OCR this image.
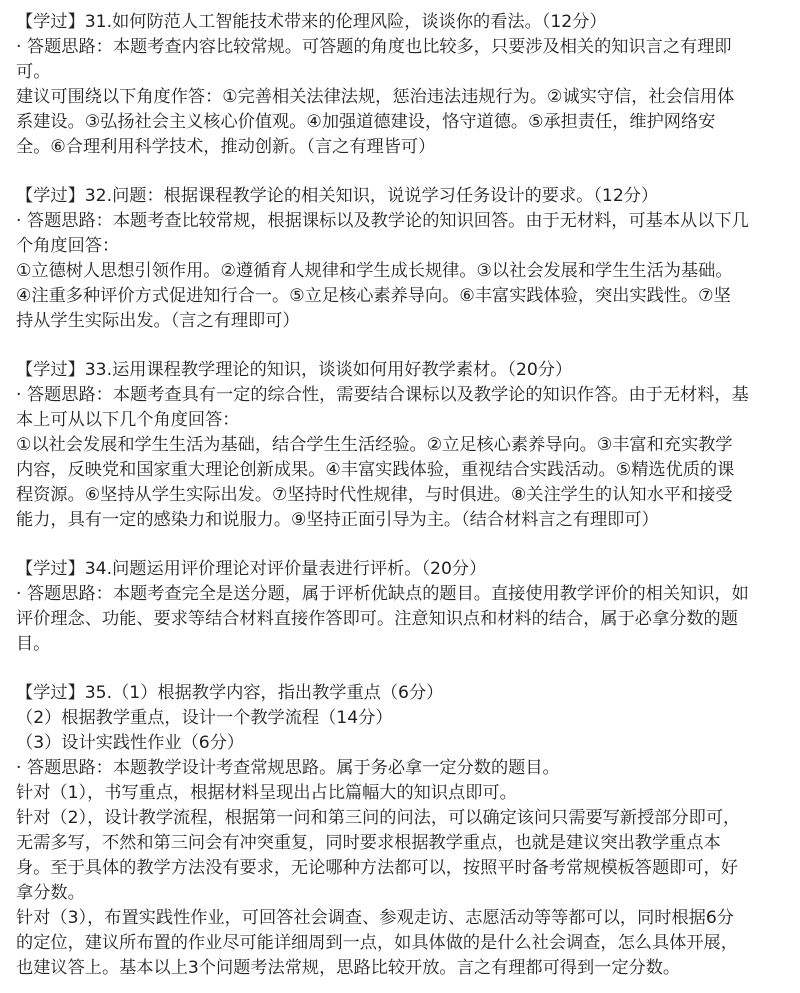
【学过】31.如何防范人工智能技术带来的伦理风险，谈谈你的看法。（12分）
· 答题思路：本题考查内容比较常规。可答题的角度也比较多，只要涉及相关的知识言之有理即
可。
建议可围绕以下角度作答：①完善相关法律法规，惩治违法违规行为。②诚实守信，社会信用体
系建设。③弘扬社会主义核心价值观。④加强道德建设，恪守道德。⑤承担责任，维护网络安
全。⑥合理利用科学技术，推动创新。（言之有理皆可）
【学过】32.问题：根据课程教学论的相关知识，说说学习任务设计的要求。（12分）
· 答题思路：本题考查比较常规，根据课标以及教学论的知识回答。由于无材料，可基本从以下几
个角度回答：
①立德树人思想引领作用。②遵循育人规律和学生成长规律。③以社会发展和学生生活为基础。
④注重多种评价方式促进知行合一。⑤立足核心素养导向。⑥丰富实践体验，突出实践性。⑦坚
持从学生实际出发。（言之有理即可）
【学过】33.运用课程教学理论的知识，谈谈如何用好教学素材。（20分）
· 答题思路：本题考查具有一定的综合性，需要结合课标以及教学论的知识作答。由于无材料，基
本上可从以下几个角度回答：
①以社会发展和学生生活为基础，结合学生生活经验。②立足核心素养导向。③丰富和充实教学
内容，反映党和国家重大理论创新成果。④丰富实践体验，重视结合实践活动。⑤精选优质的课
程资源。⑥坚持从学生实际出发。⑦坚持时代性规律，与时俱进。⑧关注学生的认知水平和接受
能力，具有一定的感染力和说服力。⑨坚持正面引导为主。（结合材料言之有理即可）
【学过】34.问题运用评价理论对评价量表进行评析。（20分）
· 答题思路：本题考查完全是送分题，属于评析优缺点的题目。直接使用教学评价的相关知识，如
评价理念、功能、要求等结合材料直接作答即可。注意知识点和材料的结合，属于必拿分数的题
目。
【学过】35.（1）根据教学内容，指出教学重点（6分）
（2）根据教学重点，设计一个教学流程（14分）
（3）设计实践性作业（6分）
· 答题思路：本题教学设计考查常规思路。属于务必拿一定分数的题目。
针对（1），书写重点，根据材料呈现出占比篇幅大的知识点即可。
针对（2），设计教学流程，根据第一问和第三问的问法，可以确定该问只需要写新授部分即可，
无需多写，不然和第三问会有冲突重复，同时要求根据教学重点，也就是建议突出教学重点本
身。至于具体的教学方法没有要求，无论哪种方法都可以，按照平时备考常规模板答题即可，好
拿分数。
针对（3），布置实践性作业，可回答社会调查、参观走访、志愿活动等等都可以，同时根据6分
的定位，建议所布置的作业尽可能详细周到一点，如具体做的是什么社会调查，怎么具体开展，
也建议答上。基本以上3个问题考法常规，思路比较开放。言之有理都可得到一定分数。
